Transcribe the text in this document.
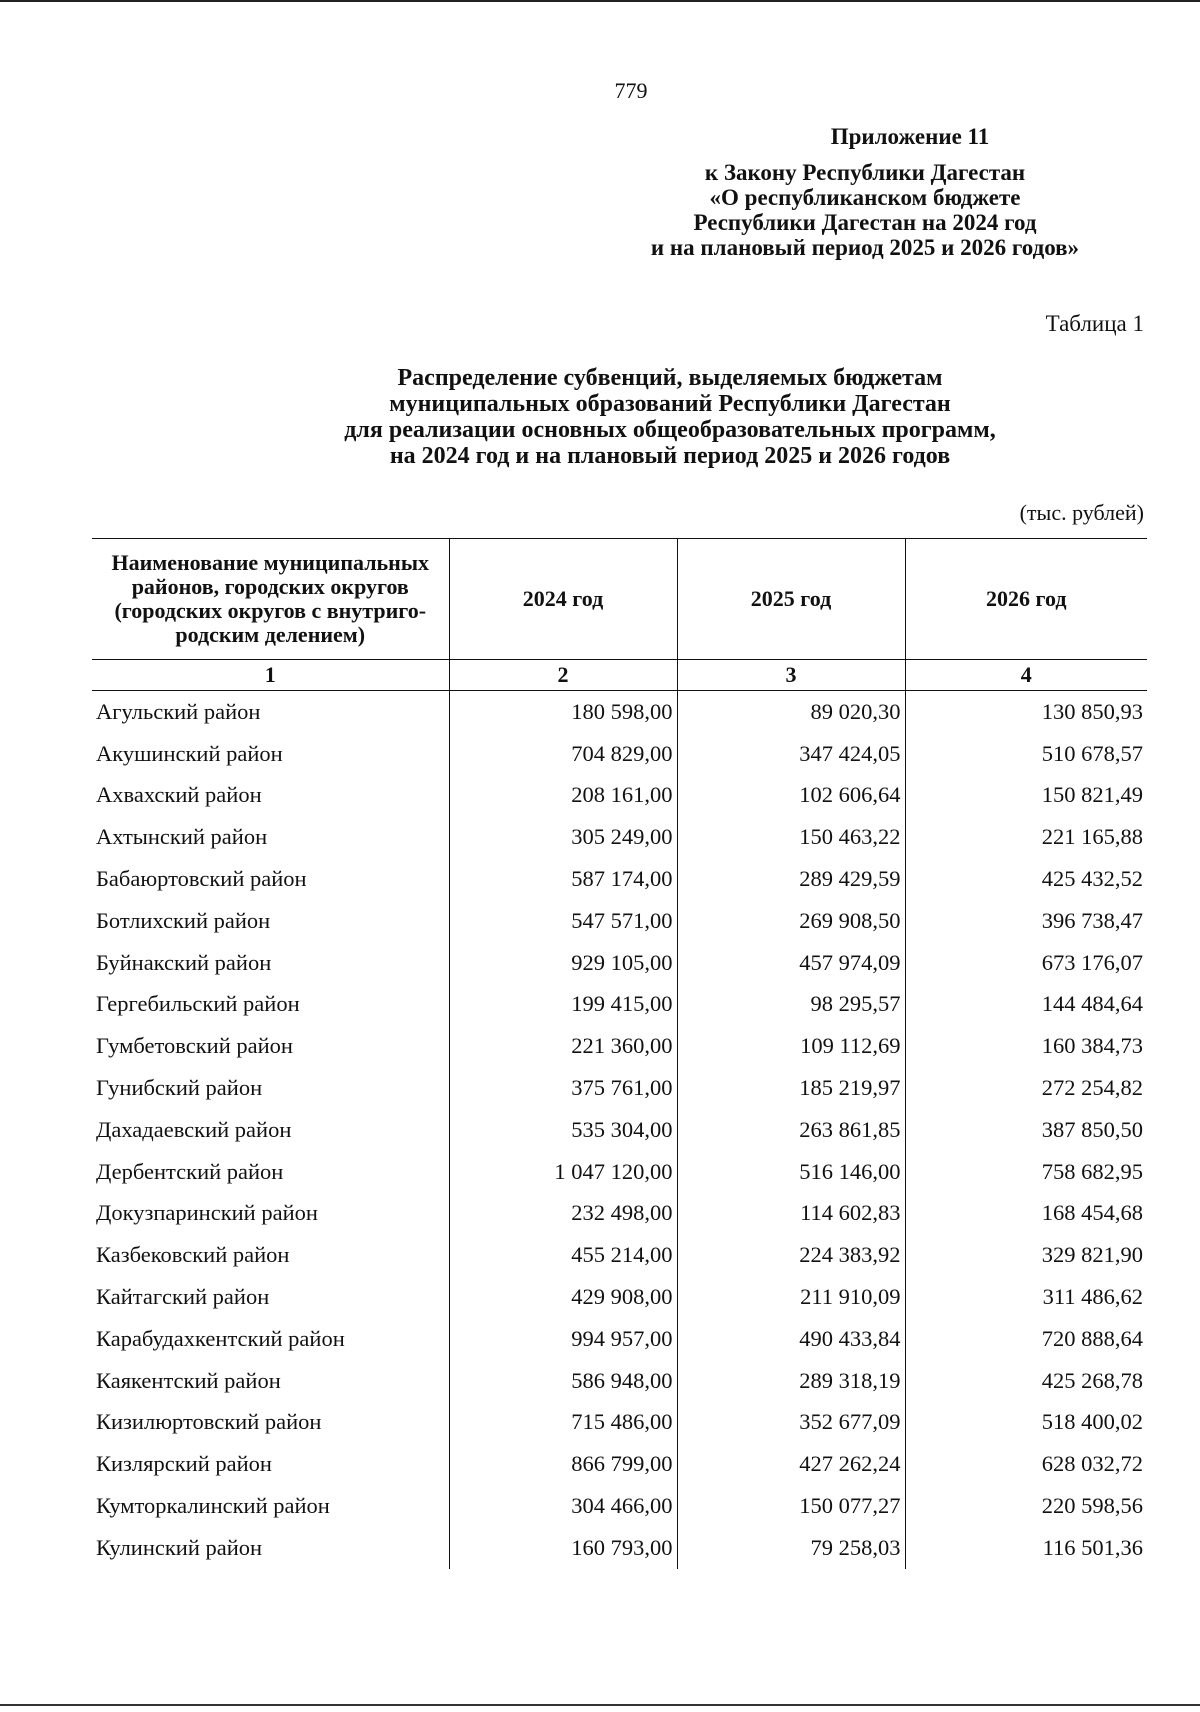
779
Приложение 11
к Закону Республики Дагестан
«О республиканском бюджете
Республики Дагестан на 2024 год
и на плановый период 2025 и 2026 годов»
Таблица 1
Распределение субвенций, выделяемых бюджетам
муниципальных образований Республики Дагестан
для реализации основных общеобразовательных программ,
на 2024 год и на плановый период 2025 и 2026 годов
(тыс. рублей)
Наименование муниципальных
районов, городских округов
(городских округов с внутриго-
родским делением)	2024 год	2025 год	2026 год
1	2	3	4
Агульский район	180 598,00	89 020,30	130 850,93
Акушинский район	704 829,00	347 424,05	510 678,57
Ахвахский район	208 161,00	102 606,64	150 821,49
Ахтынский район	305 249,00	150 463,22	221 165,88
Бабаюртовский район	587 174,00	289 429,59	425 432,52
Ботлихский район	547 571,00	269 908,50	396 738,47
Буйнакский район	929 105,00	457 974,09	673 176,07
Гергебильский район	199 415,00	98 295,57	144 484,64
Гумбетовский район	221 360,00	109 112,69	160 384,73
Гунибский район	375 761,00	185 219,97	272 254,82
Дахадаевский район	535 304,00	263 861,85	387 850,50
Дербентский район	1 047 120,00	516 146,00	758 682,95
Докузпаринский район	232 498,00	114 602,83	168 454,68
Казбековский район	455 214,00	224 383,92	329 821,90
Кайтагский район	429 908,00	211 910,09	311 486,62
Карабудахкентский район	994 957,00	490 433,84	720 888,64
Каякентский район	586 948,00	289 318,19	425 268,78
Кизилюртовский район	715 486,00	352 677,09	518 400,02
Кизлярский район	866 799,00	427 262,24	628 032,72
Кумторкалинский район	304 466,00	150 077,27	220 598,56
Кулинский район	160 793,00	79 258,03	116 501,36
